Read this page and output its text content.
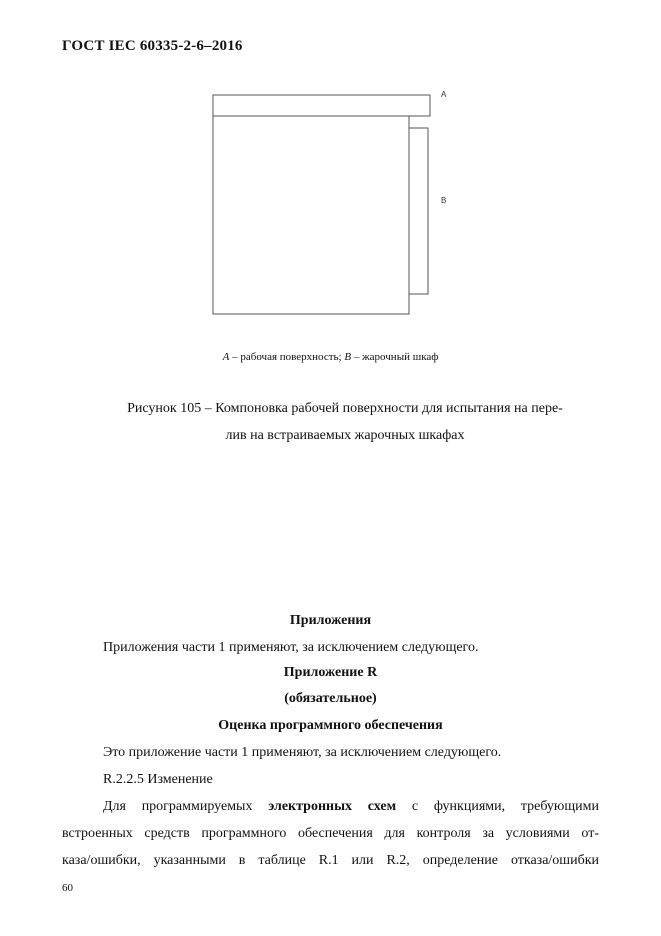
ГОСТ IEC 60335-2-6–2016
A
B
A – рабочая поверхность; B – жарочный шкаф
Рисунок 105 – Компоновка рабочей поверхности для испытания на пере-
лив на встраиваемых жарочных шкафах
Приложения
Приложения части 1 применяют, за исключением следующего.
Приложение R
(обязательное)
Оценка программного обеспечения
Это приложение части 1 применяют, за исключением следующего.
R.2.2.5 Изменение
Для программируемых электронных схем с функциями, требующими
встроенных средств программного обеспечения для контроля за условиями от-
каза/ошибки, указанными в таблице R.1 или R.2, определение отказа/ошибки
60
